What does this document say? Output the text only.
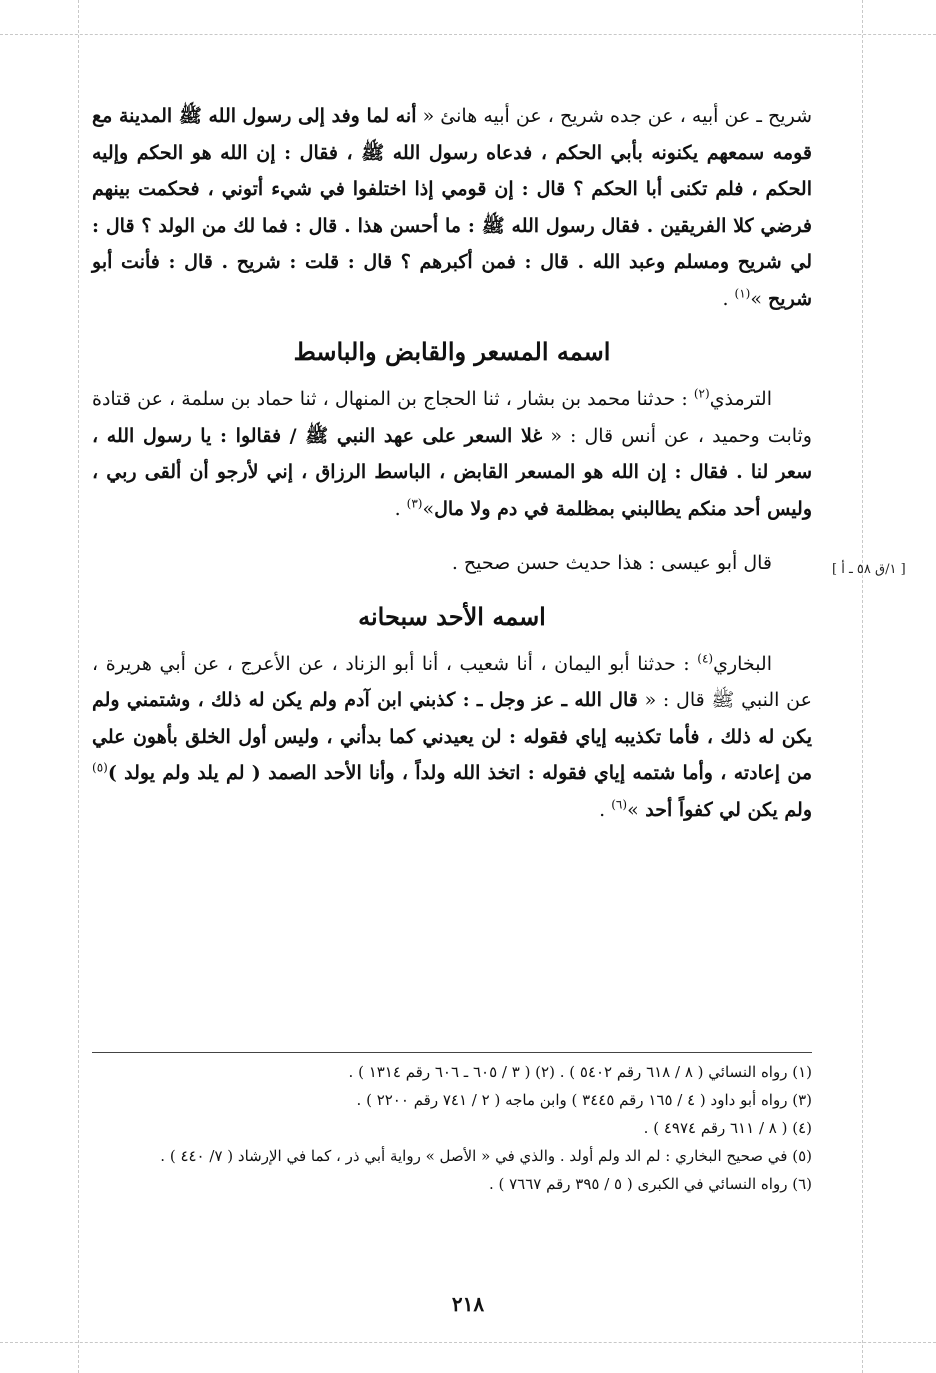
شريح ـ عن أبيه ، عن جده شريح ، عن أبيه هانئ « أنه لما وفد إلى رسول الله ﷺ المدينة مع قومه سمعهم يكنونه بأبي الحكم ، فدعاه رسول الله ﷺ ، فقال : إن الله هو الحكم وإليه الحكم ، فلم تكنى أبا الحكم ؟ قال : إن قومي إذا اختلفوا في شيء أتوني ، فحكمت بينهم فرضي كلا الفريقين . فقال رسول الله ﷺ : ما أحسن هذا . قال : فما لك من الولد ؟ قال : لي شريح ومسلم وعبد الله . قال : فمن أكبرهم ؟ قال : قلت : شريح . قال : فأنت أبو شريح »$^{(١)}$ .

اسمه المسعر والقابض والباسط

الترمذي$^{(٢)}$ : حدثنا محمد بن بشار ، ثنا الحجاج بن المنهال ، ثنا حماد بن سلمة ، عن قتادة وثابت وحميد ، عن أنس قال : « غلا السعر على عهد النبي ﷺ / فقالوا : يا رسول الله ، سعر لنا . فقال : إن الله هو المسعر القابض ، الباسط الرزاق ، إني لأرجو أن ألقى ربي ، وليس أحد منكم يطالبني بمظلمة في دم ولا مال»$^{(٣)}$ .

قال أبو عيسى : هذا حديث حسن صحيح .

اسمه الأحد سبحانه

البخاري$^{(٤)}$ : حدثنا أبو اليمان ، أنا شعيب ، أنا أبو الزناد ، عن الأعرج ، عن أبي هريرة ، عن النبي ﷺ قال : « قال الله ـ عز وجل ـ : كذبني ابن آدم ولم يكن له ذلك ، وشتمني ولم يكن له ذلك ، فأما تكذيبه إياي فقوله : لن يعيدني كما بدأني ، وليس أول الخلق بأهون علي من إعادته ، وأما شتمه إياي فقوله : اتخذ الله ولداً ، وأنا الأحد الصمد ( لم يلد ولم يولد )$^{(٥)}$ ولم يكن لي كفواً أحد »$^{(٦)}$ .

[ ١/ق ٥٨ ـ أ ]

(١) رواه النسائي ( ٨ / ٦١٨ رقم ٥٤٠٢ ) . (٢) ( ٣ / ٦٠٥ ـ ٦٠٦ رقم ١٣١٤ ) .

(٣) رواه أبو داود ( ٤ / ١٦٥ رقم ٣٤٤٥ ) وابن ماجه ( ٢ / ٧٤١ رقم ٢٢٠٠ ) .

(٤) ( ٨ / ٦١١ رقم ٤٩٧٤ ) .

(٥) في صحيح البخاري : لم الد ولم أولد . والذي في « الأصل » رواية أبي ذر ، كما في الإرشاد ( ٧/ ٤٤٠ ) .

(٦) رواه النسائي في الكبرى ( ٥ / ٣٩٥ رقم ٧٦٦٧ ) .

٢١٨
